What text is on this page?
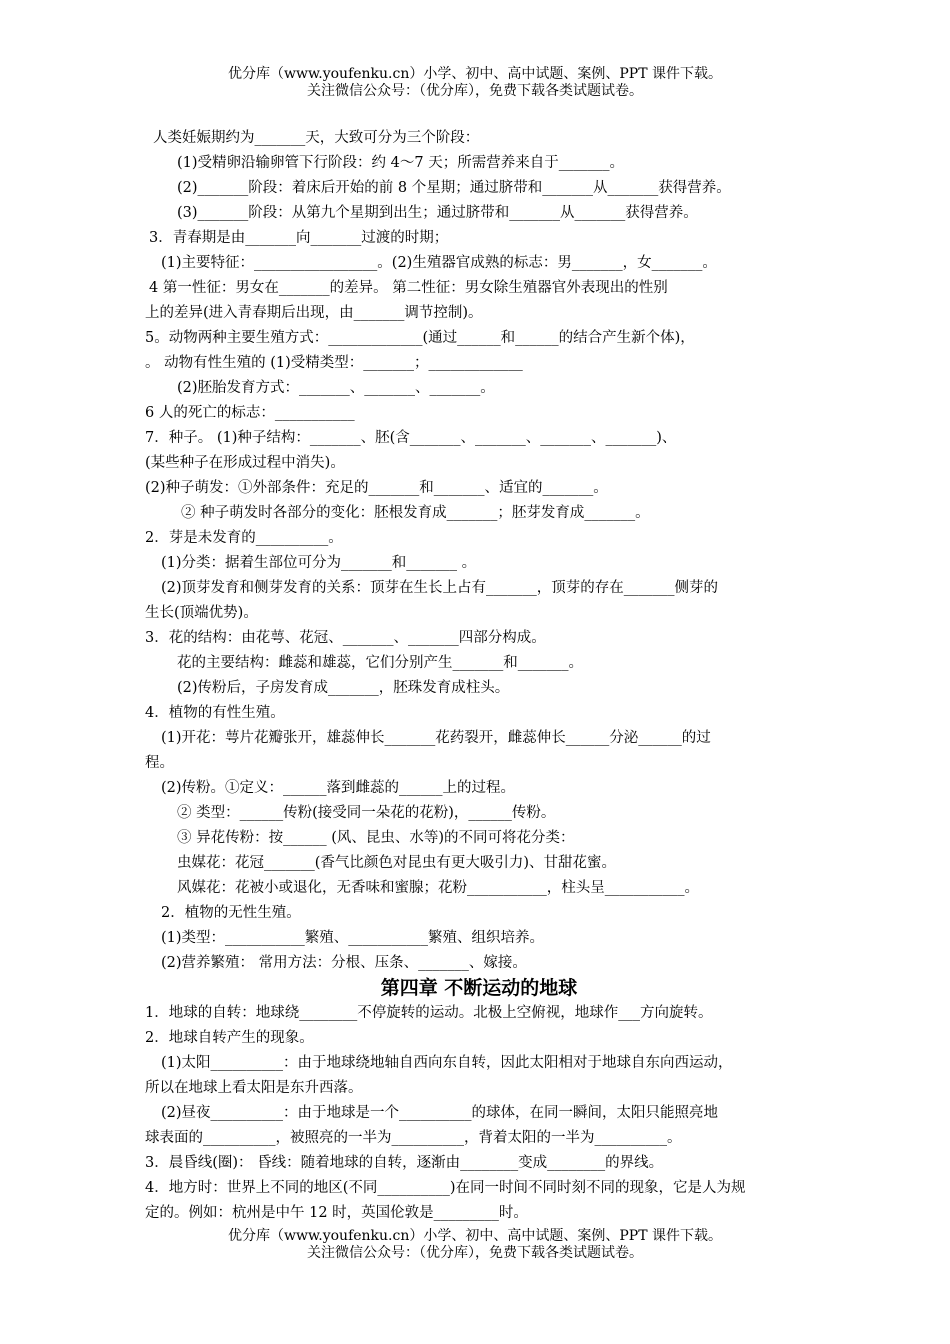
优分库（www.youfenku.cn）小学、初中、高中试题、案例、PPT 课件下载。
关注微信公众号：（优分库），免费下载各类试题试卷。
人类妊娠期约为_______天，大致可分为三个阶段：
(1)受精卵沿输卵管下行阶段：约 4～7 天；所需营养来自于_______。
(2)_______阶段：着床后开始的前 8 个星期；通过脐带和_______从_______获得营养。
(3)_______阶段：从第九个星期到出生；通过脐带和_______从_______获得营养。
3．青春期是由_______向_______过渡的时期；
(1)主要特征：_________________。(2)生殖器官成熟的标志：男_______，女_______。
4 第一性征：男女在_______的差异。 第二性征：男女除生殖器官外表现出的性别
上的差异(进入青春期后出现，由_______调节控制)。
5。动物两种主要生殖方式：_____________(通过______和______的结合产生新个体)，
。 动物有性生殖的 (1)受精类型：_______；_____________
(2)胚胎发育方式：_______、_______、_______。
6 人的死亡的标志：___________
7．种子。 (1)种子结构：_______、胚(含_______、_______、_______、_______)、
(某些种子在形成过程中消失)。
(2)种子萌发：①外部条件：充足的_______和_______、适宜的_______。
② 种子萌发时各部分的变化：胚根发育成_______；胚芽发育成_______。
2．芽是未发育的__________。
(1)分类：据着生部位可分为_______和_______ 。
(2)顶芽发育和侧芽发育的关系：顶芽在生长上占有_______，顶芽的存在_______侧芽的
生长(顶端优势)。
3．花的结构：由花萼、花冠、_______、_______四部分构成。
花的主要结构：雌蕊和雄蕊，它们分别产生_______和_______。
(2)传粉后，子房发育成_______，胚珠发育成柱头。
4．植物的有性生殖。
(1)开花：萼片花瓣张开，雄蕊伸长_______花药裂开，雌蕊伸长______分泌______的过
程。
(2)传粉。①定义：______落到雌蕊的______上的过程。
② 类型：______传粉(接受同一朵花的花粉)，______传粉。
③ 异花传粉：按______ (风、昆虫、水等)的不同可将花分类：
虫媒花：花冠_______(香气比颜色对昆虫有更大吸引力)、甘甜花蜜。
风媒花：花被小或退化，无香味和蜜腺；花粉___________，柱头呈___________。
2．植物的无性生殖。
(1)类型：___________繁殖、___________繁殖、组织培养。
(2)营养繁殖： 常用方法：分根、压条、_______、嫁接。
第四章 不断运动的地球
1．地球的自转：地球绕________不停旋转的运动。北极上空俯视，地球作___方向旋转。
2．地球自转产生的现象。
(1)太阳__________：由于地球绕地轴自西向东自转，因此太阳相对于地球自东向西运动，
所以在地球上看太阳是东升西落。
(2)昼夜__________：由于地球是一个__________的球体，在同一瞬间，太阳只能照亮地
球表面的__________，被照亮的一半为__________，背着太阳的一半为__________。
3．晨昏线(圈)： 昏线：随着地球的自转，逐渐由________变成________的界线。
4．地方时：世界上不同的地区(不同__________)在同一时间不同时刻不同的现象，它是人为规
定的。例如：杭州是中午 12 时，英国伦敦是_________时。
优分库（www.youfenku.cn）小学、初中、高中试题、案例、PPT 课件下载。
关注微信公众号：（优分库），免费下载各类试题试卷。
